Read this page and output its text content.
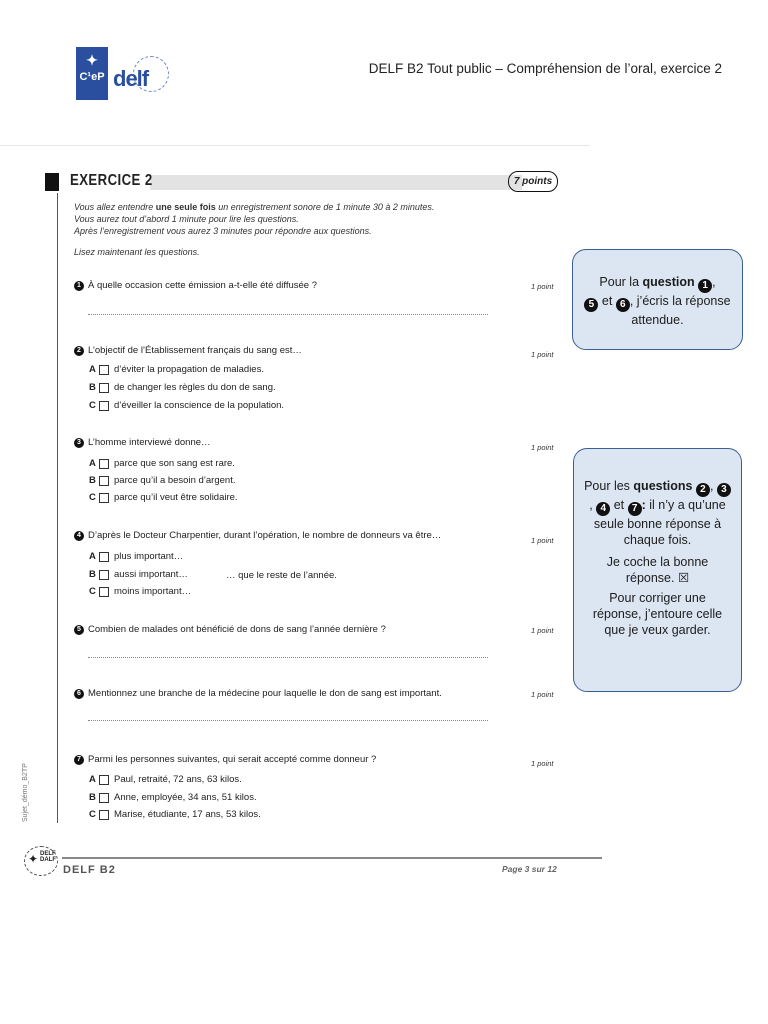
✦
C¹eP delf	DELF B2 Tout public – Compréhension de l’oral, exercice 2
Sujet_démo_B2TP
EXERCICE 2	7 points
Vous allez entendre une seule fois un enregistrement sonore de 1 minute 30 à 2 minutes.
Vous aurez tout d’abord 1 minute pour lire les questions.
Après l’enregistrement vous aurez 3 minutes pour répondre aux questions.
Lisez maintenant les questions.
1 À quelle occasion cette émission a-t-elle été diffusée ?	1 point
2 L’objectif de l’Établissement français du sang est…	1 point
A d’éviter la propagation de maladies.
B de changer les règles du don de sang.
C d’éveiller la conscience de la population.
3 L’homme interviewé donne…	1 point
A parce que son sang est rare.
B parce qu’il a besoin d’argent.
C parce qu’il veut être solidaire.
4 D’après le Docteur Charpentier, durant l’opération, le nombre de donneurs va être…	1 point
A plus important…
B aussi important…
C moins important…
… que le reste de l’année.
5 Combien de malades ont bénéficié de dons de sang l’année dernière ?	1 point
6 Mentionnez une branche de la médecine pour laquelle le don de sang est important.	1 point
7 Parmi les personnes suivantes, qui serait accepté comme donneur ?	1 point
A Paul, retraité, 72 ans, 63 kilos.
B Anne, employée, 34 ans, 51 kilos.
C Marise, étudiante, 17 ans, 53 kilos.

Pour la question 1 ,

5 et 6 , j’écris la réponse attendue.

Pour les questions 2 , 3, 4 et 7 : il n’y a qu’une seule bonne réponse à chaque fois.

Je coche la bonne réponse. ☒

Pour corriger une réponse, j’entoure celle que je veux garder.

✦ DELF DALF
DELF B2	Page 3 sur 12
